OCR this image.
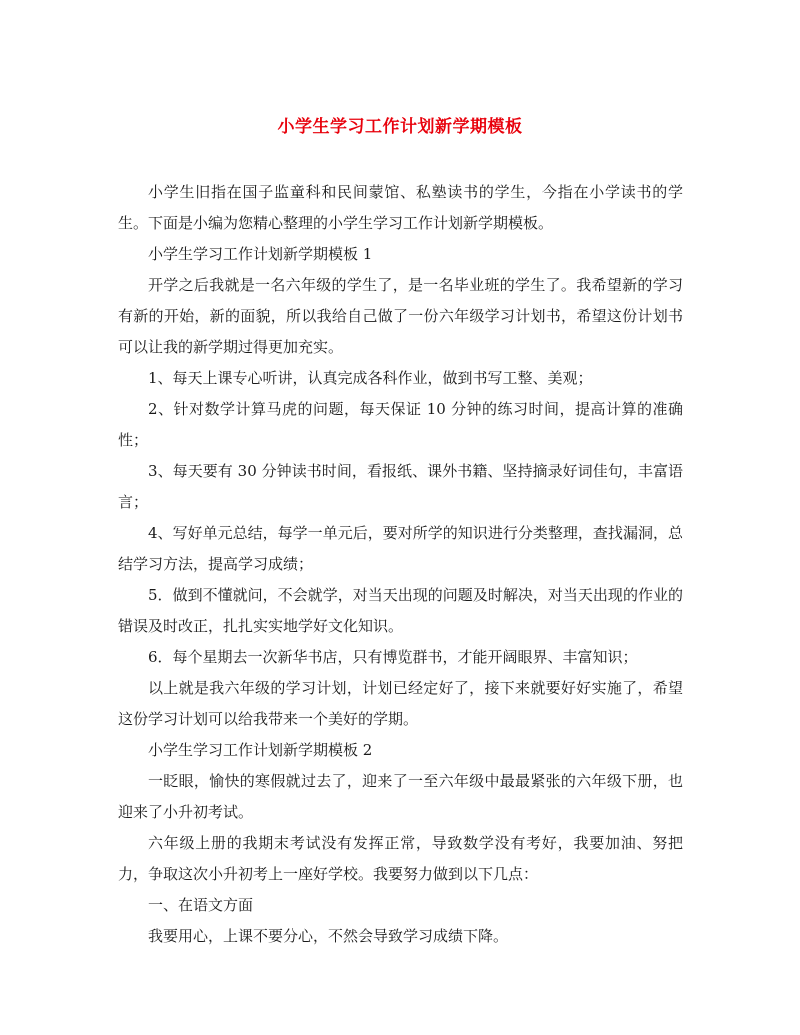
小学生学习工作计划新学期模板

小学生旧指在国子监童科和民间蒙馆、私塾读书的学生，今指在小学读书的学生。下面是小编为您精心整理的小学生学习工作计划新学期模板。

小学生学习工作计划新学期模板 1

开学之后我就是一名六年级的学生了，是一名毕业班的学生了。我希望新的学习有新的开始，新的面貌，所以我给自己做了一份六年级学习计划书，希望这份计划书可以让我的新学期过得更加充实。

1、每天上课专心听讲，认真完成各科作业，做到书写工整、美观；

2、针对数学计算马虎的问题，每天保证 10 分钟的练习时间，提高计算的准确性；

3、每天要有 30 分钟读书时间，看报纸、课外书籍、坚持摘录好词佳句，丰富语言；

4、写好单元总结，每学一单元后，要对所学的知识进行分类整理，查找漏洞，总结学习方法，提高学习成绩；

5．做到不懂就问，不会就学，对当天出现的问题及时解决，对当天出现的作业的错误及时改正，扎扎实实地学好文化知识。

6．每个星期去一次新华书店，只有博览群书，才能开阔眼界、丰富知识；

以上就是我六年级的学习计划，计划已经定好了，接下来就要好好实施了，希望这份学习计划可以给我带来一个美好的学期。

小学生学习工作计划新学期模板 2

一眨眼，愉快的寒假就过去了，迎来了一至六年级中最最紧张的六年级下册，也迎来了小升初考试。

六年级上册的我期末考试没有发挥正常，导致数学没有考好，我要加油、努把力，争取这次小升初考上一座好学校。我要努力做到以下几点：

一、在语文方面

我要用心，上课不要分心，不然会导致学习成绩下降。
